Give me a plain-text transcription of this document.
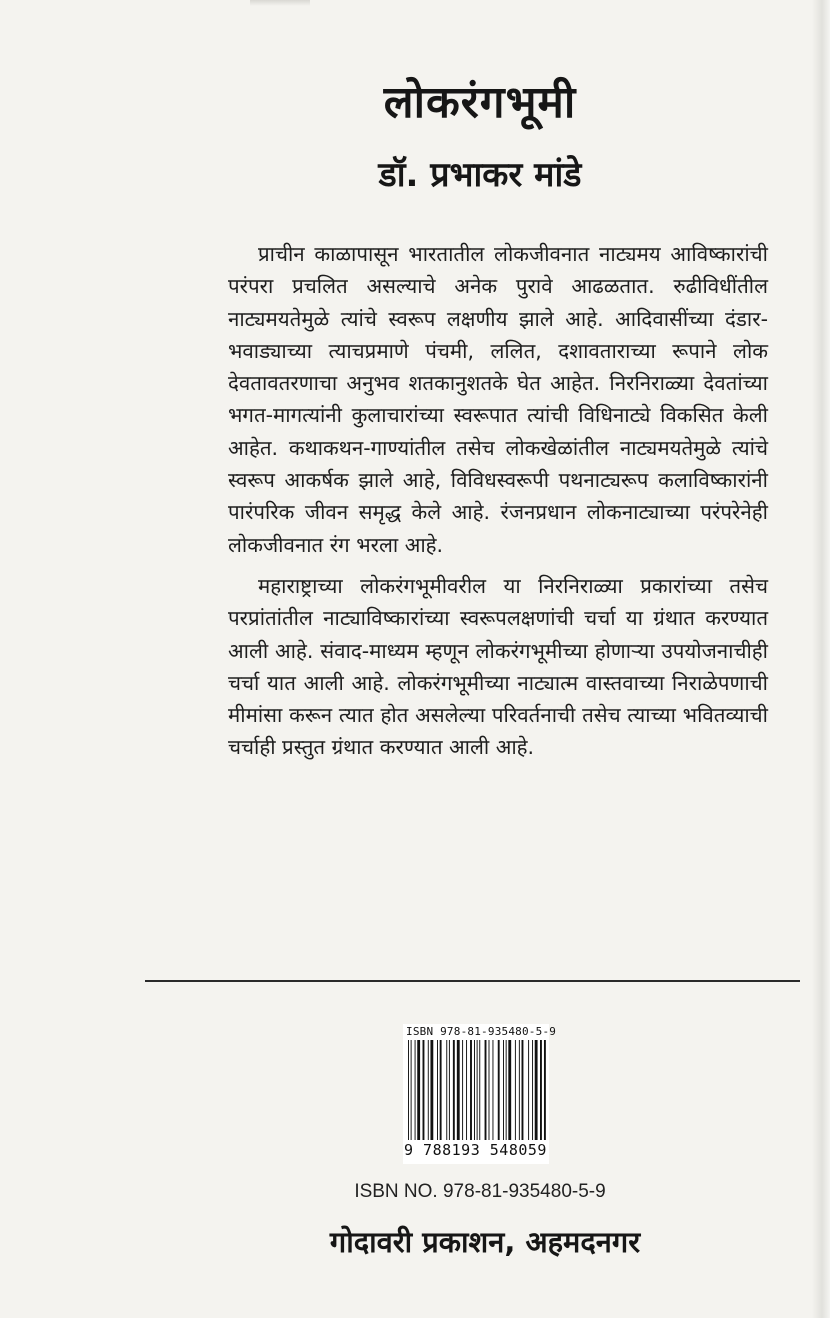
लोकरंगभूमी
डॉ. प्रभाकर मांडे

प्राचीन काळापासून भारतातील लोकजीवनात नाट्यमय आविष्कारांची परंपरा प्रचलित असल्याचे अनेक पुरावे आढळतात. रुढीविधींतील नाट्यमयतेमुळे त्यांचे स्वरूप लक्षणीय झाले आहे. आदिवासींच्या दंडार-भवाड्याच्या त्याचप्रमाणे पंचमी, ललित, दशावताराच्या रूपाने लोक देवतावतरणाचा अनुभव शतकानुशतके घेत आहेत. निरनिराळ्या देवतांच्या भगत-मागत्यांनी कुलाचारांच्या स्वरूपात त्यांची विधिनाट्ये विकसित केली आहेत. कथाकथन-गाण्यांतील तसेच लोकखेळांतील नाट्यमयतेमुळे त्यांचे स्वरूप आकर्षक झाले आहे, विविधस्वरूपी पथनाट्यरूप कलाविष्कारांनी पारंपरिक जीवन समृद्ध केले आहे. रंजनप्रधान लोकनाट्याच्या परंपरेनेही लोकजीवनात रंग भरला आहे.

महाराष्ट्राच्या लोकरंगभूमीवरील या निरनिराळ्या प्रकारांच्या तसेच परप्रांतांतील नाट्याविष्कारांच्या स्वरूपलक्षणांची चर्चा या ग्रंथात करण्यात आली आहे. संवाद-माध्यम म्हणून लोकरंगभूमीच्या होणाऱ्या उपयोजनाचीही चर्चा यात आली आहे. लोकरंगभूमीच्या नाट्यात्म वास्तवाच्या निराळेपणाची मीमांसा करून त्यात होत असलेल्या परिवर्तनाची तसेच त्याच्या भवितव्याची चर्चाही प्रस्तुत ग्रंथात करण्यात आली आहे.

ISBN 978-81-935480-5-9
9 788193 548059
ISBN NO. 978-81-935480-5-9
गोदावरी प्रकाशन, अहमदनगर
